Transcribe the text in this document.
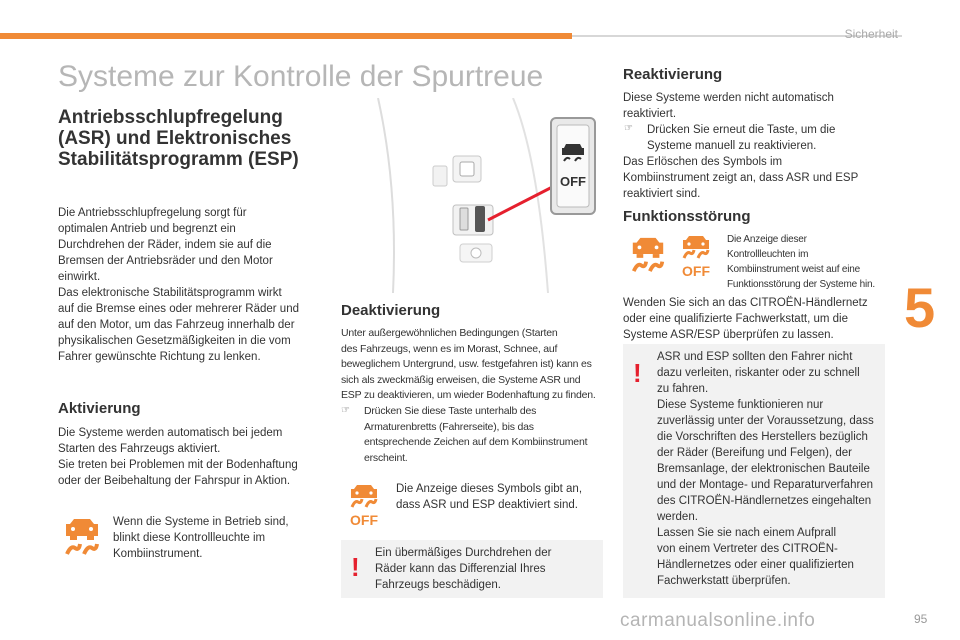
Sicherheit
Systeme zur Kontrolle der Spurtreue
Antriebsschlupfregelung (ASR) und Elektronisches Stabilitätsprogramm (ESP)

Die Antriebsschlupfregelung sorgt für

optimalen Antrieb und begrenzt ein

Durchdrehen der Räder, indem sie auf die

Bremsen der Antriebsräder und den Motor

einwirkt.

Das elektronische Stabilitätsprogramm wirkt

auf die Bremse eines oder mehrerer Räder und

auf den Motor, um das Fahrzeug innerhalb der

physikalischen Gesetzmäßigkeiten in die vom

Fahrer gewünschte Richtung zu lenken.

Aktivierung

Die Systeme werden automatisch bei jedem

Starten des Fahrzeugs aktiviert.

Sie treten bei Problemen mit der Bodenhaftung

oder der Beibehaltung der Fahrspur in Aktion.

Wenn die Systeme in Betrieb sind,

blinkt diese Kontrollleuchte im

Kombiinstrument.

OFF
Deaktivierung

Unter außergewöhnlichen Bedingungen (Starten

des Fahrzeugs, wenn es im Morast, Schnee, auf

beweglichem Untergrund, usw. festgefahren ist) kann es

sich als zweckmäßig erweisen, die Systeme ASR und

ESP zu deaktivieren, um wieder Bodenhaftung zu finden.

☞ Drücken Sie diese Taste unterhalb des

Armaturenbretts (Fahrerseite), bis das

entsprechende Zeichen auf dem Kombiinstrument

erscheint.

OFF

Die Anzeige dieses Symbols gibt an,

dass ASR und ESP deaktiviert sind.

! Ein übermäßiges Durchdrehen der

Räder kann das Differenzial Ihres

Fahrzeugs beschädigen.

Reaktivierung

Diese Systeme werden nicht automatisch

reaktiviert.

☞ Drücken Sie erneut die Taste, um die

Systeme manuell zu reaktivieren.

Das Erlöschen des Symbols im

Kombiinstrument zeigt an, dass ASR und ESP

reaktiviert sind.

Funktionsstörung
OFF

Die Anzeige dieser

Kontrollleuchten im

Kombiinstrument weist auf eine

Funktionsstörung der Systeme hin.

Wenden Sie sich an das CITROËN-Händlernetz

oder eine qualifizierte Fachwerkstatt, um die

Systeme ASR/ESP überprüfen zu lassen.

!

ASR und ESP sollten den Fahrer nicht

dazu verleiten, riskanter oder zu schnell

zu fahren.

Diese Systeme funktionieren nur

zuverlässig unter der Voraussetzung, dass

die Vorschriften des Herstellers bezüglich

der Räder (Bereifung und Felgen), der

Bremsanlage, der elektronischen Bauteile

und der Montage- und Reparaturverfahren

des CITROËN-Händlernetzes eingehalten

werden.

Lassen Sie sie nach einem Aufprall

von einem Vertreter des CITROËN-

Händlernetzes oder einer qualifizierten

Fachwerkstatt überprüfen.

5
95
carmanualsonline.info
